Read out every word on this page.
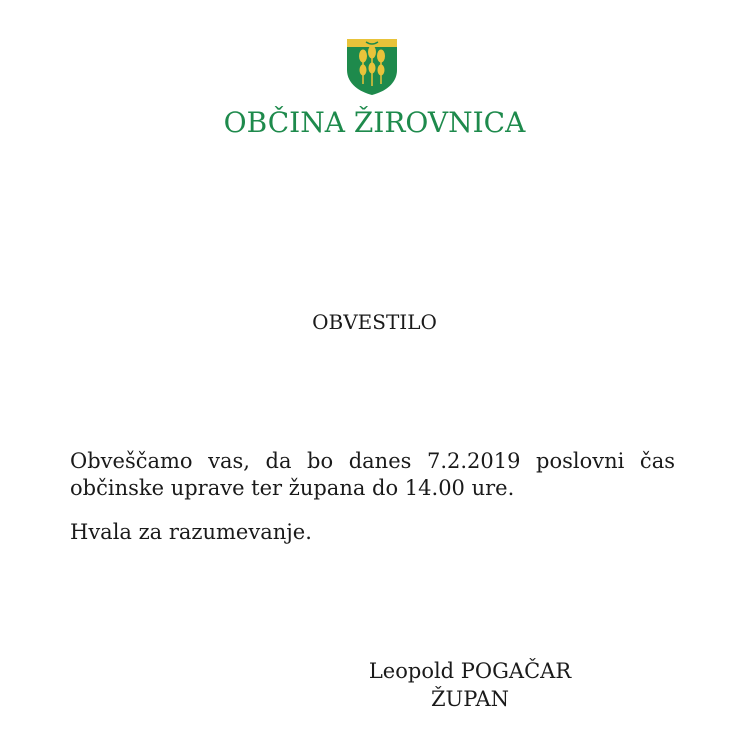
OBČINA ŽIROVNICA
OBVESTILO

Obveščamo vas, da bo danes 7.2.2019 poslovni čas občinske uprave ter župana do 14.00 ure.

Hvala za razumevanje.

Leopold POGAČAR
ŽUPAN
